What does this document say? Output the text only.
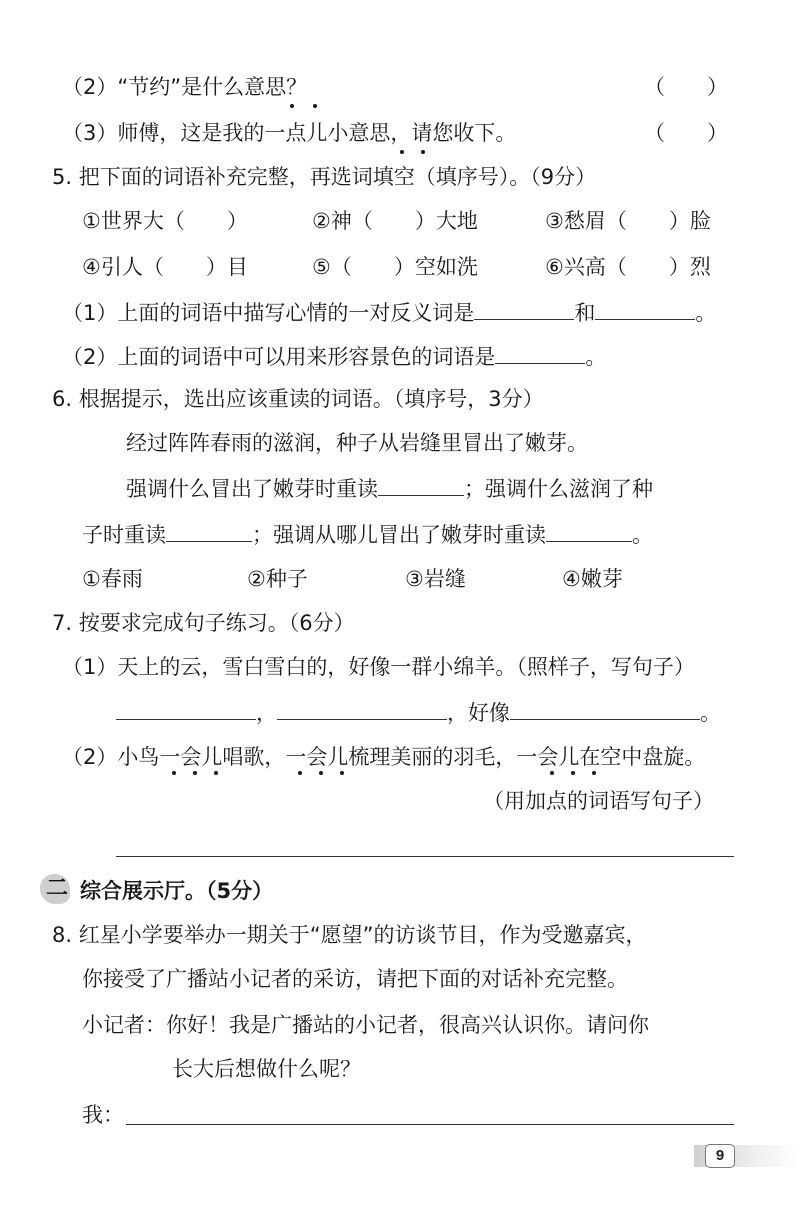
（2）“节约”是什么意思？	（　　）
（3）师傅，这是我的一点儿小意思，请您收下。	（　　）
5. 把下面的词语补充完整，再选词填空（填序号）。（9分）
①世界大（　　）	②神（　　）大地	③愁眉（　　）脸
④引人（　　）目	⑤（　　）空如洗	⑥兴高（　　）烈
（1）上面的词语中描写心情的一对反义词是	和	。
（2）上面的词语中可以用来形容景色的词语是	。
6. 根据提示，选出应该重读的词语。（填序号，3分）
经过阵阵春雨的滋润，种子从岩缝里冒出了嫩芽。
强调什么冒出了嫩芽时重读	；强调什么滋润了种
子时重读	；强调从哪儿冒出了嫩芽时重读	。
①春雨	②种子	③岩缝	④嫩芽
7. 按要求完成句子练习。（6分）
（1）天上的云，雪白雪白的，好像一群小绵羊。（照样子，写句子）
，	，好像	。
（2）小鸟一会儿唱歌，一会儿梳理美丽的羽毛，一会儿在空中盘旋。
（用加点的词语写句子）
二 综合展示厅。（5分）
8. 红星小学要举办一期关于“愿望”的访谈节目，作为受邀嘉宾，
你接受了广播站小记者的采访，请把下面的对话补充完整。
小记者：你好！我是广播站的小记者，很高兴认识你。请问你
长大后想做什么呢？
我：
9
